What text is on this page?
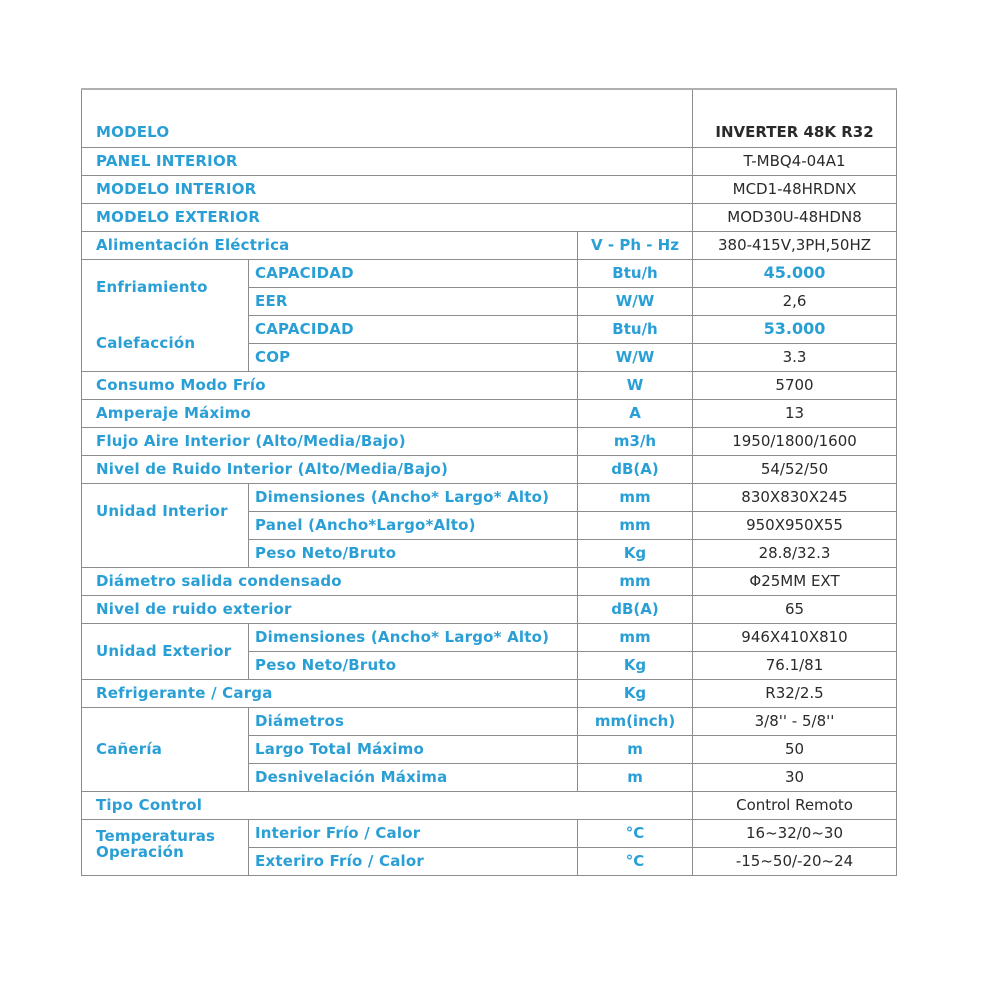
MODELO			INVERTER 48K R32
PANEL INTERIOR			T-MBQ4-04A1
MODELO INTERIOR			MCD1-48HRDNX
MODELO EXTERIOR			MOD30U-48HDN8
Alimentación Eléctrica		V - Ph - Hz	380-415V,3PH,50HZ
Enfriamiento	CAPACIDAD	Btu/h	45.000
	EER	W/W	2,6
Calefacción	CAPACIDAD	Btu/h	53.000
	COP	W/W	3.3
Consumo Modo Frío		W	5700
Amperaje Máximo		A	13
Flujo Aire Interior (Alto/Media/Bajo)		m3/h	1950/1800/1600
Nivel de Ruido Interior (Alto/Media/Bajo)		dB(A)	54/52/50
Unidad Interior	Dimensiones (Ancho* Largo* Alto)	mm	830X830X245
	Panel (Ancho*Largo*Alto)	mm	950X950X55
	Peso Neto/Bruto	Kg	28.8/32.3
Diámetro salida condensado		mm	Φ25MM EXT
Nivel de ruido exterior		dB(A)	65
Unidad Exterior	Dimensiones (Ancho* Largo* Alto)	mm	946X410X810
	Peso Neto/Bruto	Kg	76.1/81
Refrigerante / Carga		Kg	R32/2.5
Cañería	Diámetros	mm(inch)	3/8'' - 5/8''
	Largo Total Máximo	m	50
	Desnivelación Máxima	m	30
Tipo Control			Control Remoto

Temperaturas
Operación	Interior Frío / Calor	°C	16~32/0~30
	Exterirо Frío / Calor	°C	-15~50/-20~24
